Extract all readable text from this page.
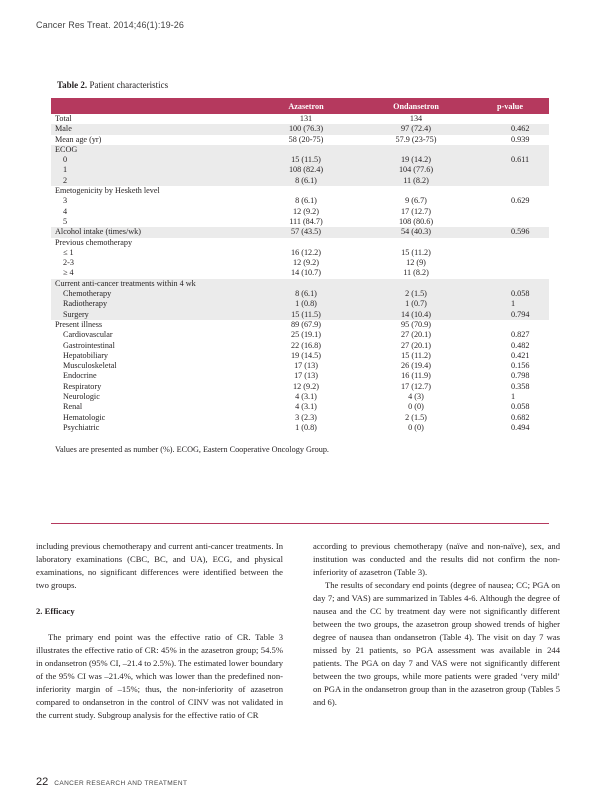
Cancer Res Treat. 2014;46(1):19-26
Table 2. Patient characteristics
	Azasetron	Ondansetron	p-value
Total	131	134	
Male	100 (76.3)	97 (72.4)	0.462
Mean age (yr)	58 (20-75)	57.9 (23-75)	0.939
ECOG			
0	15 (11.5)	19 (14.2)	0.611
1	108 (82.4)	104 (77.6)	
2	8 (6.1)	11 (8.2)	
Emetogenicity by Hesketh level			
3	8 (6.1)	9 (6.7)	0.629
4	12 (9.2)	17 (12.7)	
5	111 (84.7)	108 (80.6)	
Alcohol intake (times/wk)	57 (43.5)	54 (40.3)	0.596
Previous chemotherapy			
≤ 1	16 (12.2)	15 (11.2)	
2-3	12 (9.2)	12 (9)	
≥ 4	14 (10.7)	11 (8.2)	
Current anti-cancer treatments within 4 wk			
Chemotherapy	8 (6.1)	2 (1.5)	0.058
Radiotherapy	1 (0.8)	1 (0.7)	1
Surgery	15 (11.5)	14 (10.4)	0.794
Present illness	89 (67.9)	95 (70.9)	
Cardiovascular	25 (19.1)	27 (20.1)	0.827
Gastrointestinal	22 (16.8)	27 (20.1)	0.482
Hepatobiliary	19 (14.5)	15 (11.2)	0.421
Musculoskeletal	17 (13)	26 (19.4)	0.156
Endocrine	17 (13)	16 (11.9)	0.798
Respiratory	12 (9.2)	17 (12.7)	0.358
Neurologic	4 (3.1)	4 (3)	1
Renal	4 (3.1)	0 (0)	0.058
Hematologic	3 (2.3)	2 (1.5)	0.682
Psychiatric	1 (0.8)	0 (0)	0.494
Values are presented as number (%). ECOG, Eastern Cooperative Oncology Group.

including previous chemotherapy and current anti-cancer treatments. In laboratory examinations (CBC, BC, and UA), ECG, and physical examinations, no significant differences were identified between the two groups.

2. Efficacy

The primary end point was the effective ratio of CR. Table 3 illustrates the effective ratio of CR: 45% in the azasetron group; 54.5% in ondansetron (95% CI, –21.4 to 2.5%). The estimated lower boundary of the 95% CI was –21.4%, which was lower than the predefined non-inferiority margin of –15%; thus, the non-inferiority of azasetron compared to ondansetron in the control of CINV was not validated in the current study. Subgroup analysis for the effective ratio of CR

according to previous chemotherapy (naïve and non-naïve), sex, and institution was conducted and the results did not confirm the non-inferiority of azasetron (Table 3).

The results of secondary end points (degree of nausea; CC; PGA on day 7; and VAS) are summarized in Tables 4-6. Although the degree of nausea and the CC by treatment day were not significantly different between the two groups, the azasetron group showed trends of higher degree of nausea than ondansetron (Table 4). The visit on day 7 was missed by 21 patients, so PGA assessment was available in 244 patients. The PGA on day 7 and VAS were not significantly different between the two groups, while more patients were graded ‘very mild’ on PGA in the ondansetron group than in the azasetron group (Tables 5 and 6).

22 CANCER RESEARCH AND TREATMENT
